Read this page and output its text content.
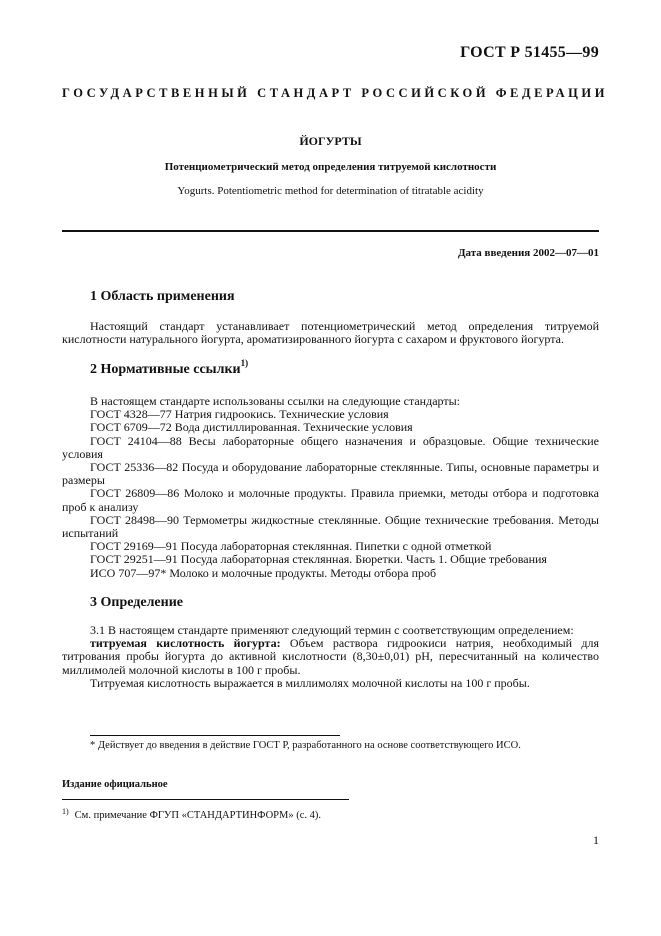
ГОСТ Р 51455—99
ГОСУДАРСТВЕННЫЙ СТАНДАРТ РОССИЙСКОЙ ФЕДЕРАЦИИ
ЙОГУРТЫ
Потенциометрический метод определения титруемой кислотности
Yogurts. Potentiometric method for determination of titratable acidity
Дата введения 2002—07—01
1 Область применения

Настоящий стандарт устанавливает потенциометрический метод определения титруемой кислотности натурального йогурта, ароматизированного йогурта с сахаром и фруктового йогурта.

2 Нормативные ссылки$^{1)}$

В настоящем стандарте использованы ссылки на следующие стандарты:

ГОСТ 4328—77 Натрия гидроокись. Технические условия

ГОСТ 6709—72 Вода дистиллированная. Технические условия

ГОСТ 24104—88 Весы лабораторные общего назначения и образцовые. Общие технические условия

ГОСТ 25336—82 Посуда и оборудование лабораторные стеклянные. Типы, основные параметры и размеры

ГОСТ 26809—86 Молоко и молочные продукты. Правила приемки, методы отбора и подготовка проб к анализу

ГОСТ 28498—90 Термометры жидкостные стеклянные. Общие технические требования. Методы испытаний

ГОСТ 29169—91 Посуда лабораторная стеклянная. Пипетки с одной отметкой

ГОСТ 29251—91 Посуда лабораторная стеклянная. Бюретки. Часть 1. Общие требования

ИСО 707—97* Молоко и молочные продукты. Методы отбора проб

3 Определение

3.1 В настоящем стандарте применяют следующий термин с соответствующим определением:

титруемая кислотность йогурта: Объем раствора гидроокиси натрия, необходимый для титрования пробы йогурта до активной кислотности (8,30±0,01) pH, пересчитанный на количество миллимолей молочной кислоты в 100 г пробы.

Титруемая кислотность выражается в миллимолях молочной кислоты на 100 г пробы.

* Действует до введения в действие ГОСТ Р, разработанного на основе соответствующего ИСО.
Издание официальное
$^{1)}$ См. примечание ФГУП «СТАНДАРТИНФОРМ» (с. 4).
1
